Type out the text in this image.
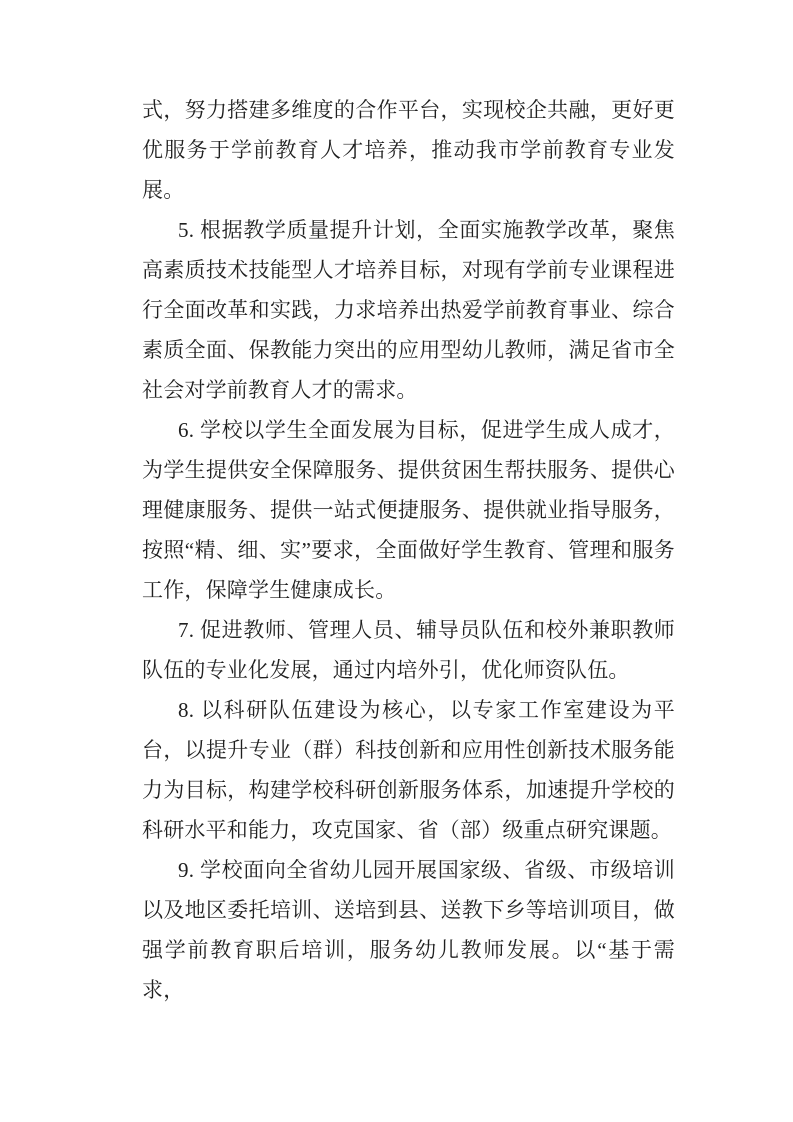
式，努力搭建多维度的合作平台，实现校企共融，更好更优服务于学前教育人才培养，推动我市学前教育专业发展。

5. 根据教学质量提升计划，全面实施教学改革，聚焦高素质技术技能型人才培养目标，对现有学前专业课程进行全面改革和实践，力求培养出热爱学前教育事业、综合素质全面、保教能力突出的应用型幼儿教师，满足省市全社会对学前教育人才的需求。

6. 学校以学生全面发展为目标，促进学生成人成才，为学生提供安全保障服务、提供贫困生帮扶服务、提供心理健康服务、提供一站式便捷服务、提供就业指导服务，按照“精、细、实”要求，全面做好学生教育、管理和服务工作，保障学生健康成长。

7. 促进教师、管理人员、辅导员队伍和校外兼职教师队伍的专业化发展，通过内培外引，优化师资队伍。

8. 以科研队伍建设为核心，以专家工作室建设为平台，以提升专业（群）科技创新和应用性创新技术服务能力为目标，构建学校科研创新服务体系，加速提升学校的科研水平和能力，攻克国家、省（部）级重点研究课题。

9. 学校面向全省幼儿园开展国家级、省级、市级培训以及地区委托培训、送培到县、送教下乡等培训项目，做强学前教育职后培训，服务幼儿教师发展。以“基于需求，
